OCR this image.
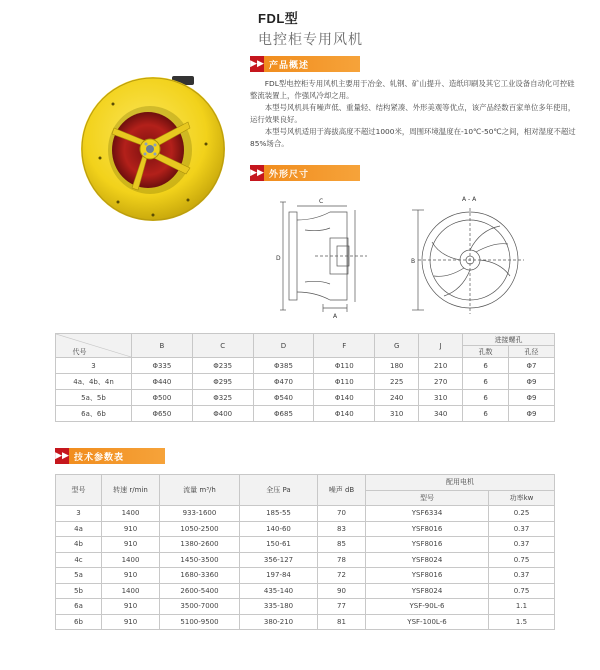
FDL型
电控柜专用风机
▶▶ 产品概述

FDL型电控柜专用风机主要用于冶金、轧钢、矿山提升、造纸印刷及其它工业设备自动化可控硅整流装置上，作强风冷却之用。

本型号风机具有噪声低、重量轻、结构紧凑、外形美观等优点，该产品经数百家单位多年使用，运行效果良好。

本型号风机适用于海拔高度不超过1000米，周围环境温度在-10℃-50℃之间，相对湿度不超过85%场合。

▶▶ 外形尺寸
C
D
A
A - A
B
代号	B	C	D	F	G	J	进接螺孔	
							孔数	孔径
3	Φ335	Φ235	Φ385	Φ110	180	210	6	Φ7
4a、4b、4n	Φ440	Φ295	Φ470	Φ110	225	270	6	Φ9
5a、5b	Φ500	Φ325	Φ540	Φ140	240	310	6	Φ9
6a、6b	Φ650	Φ400	Φ685	Φ140	310	340	6	Φ9
▶▶ 技术参数表
型号	转速 r/min	流量 m³/h	全压 Pa	噪声 dB	配用电机	
					型号	功率kw
3	1400	933-1600	185-55	70	YSF6334	0.25
4a	910	1050-2500	140-60	83	YSF8016	0.37
4b	910	1380-2600	150-61	85	YSF8016	0.37
4c	1400	1450-3500	356-127	78	YSF8024	0.75
5a	910	1680-3360	197-84	72	YSF8016	0.37
5b	1400	2600-5400	435-140	90	YSF8024	0.75
6a	910	3500-7000	335-180	77	YSF-90L-6	1.1
6b	910	5100-9500	380-210	81	YSF-100L-6	1.5
